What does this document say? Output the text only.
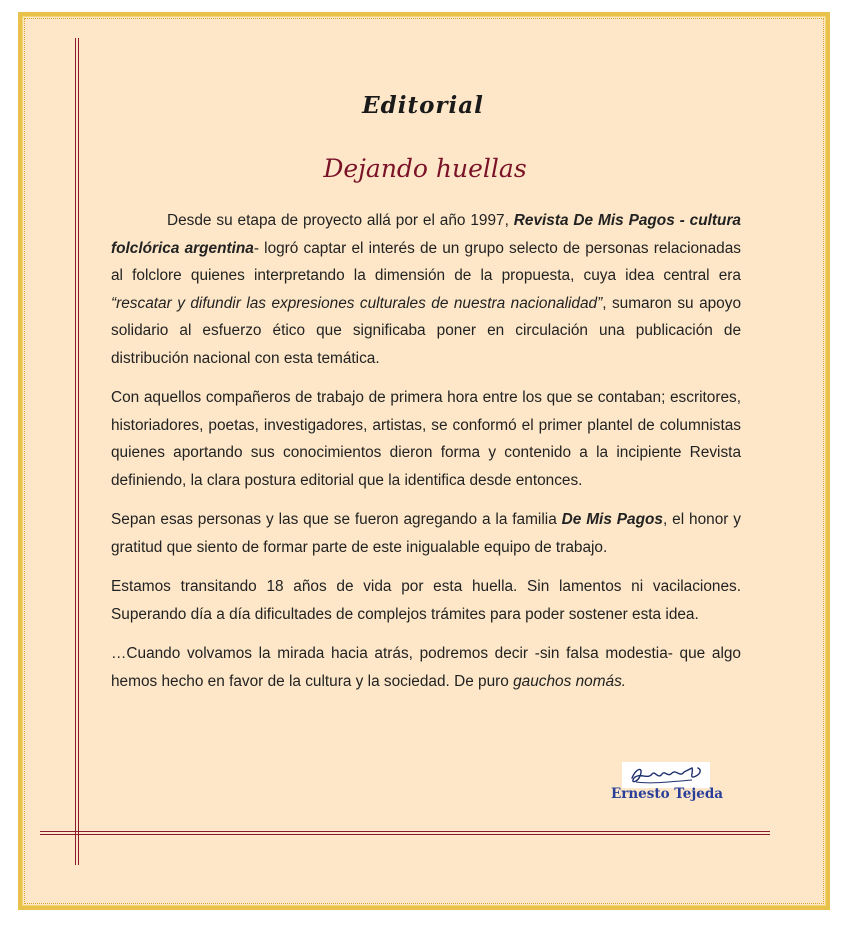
Editorial
Dejando huellas

Desde su etapa de proyecto allá por el año 1997, Revista De Mis Pagos - cultura folclórica argentina- logró captar el interés de un grupo selecto de personas relacionadas al folclore quienes interpretando la dimensión de la propuesta, cuya idea central era “rescatar y difundir las expresiones culturales de nuestra nacionalidad”, sumaron su apoyo solidario al esfuerzo ético que significaba poner en circulación una publicación de distribución nacional con esta temática.

Con aquellos compañeros de trabajo de primera hora entre los que se contaban; escritores, historiadores, poetas, investigadores, artistas, se conformó el primer plantel de columnistas quienes aportando sus conocimientos dieron forma y contenido a la incipiente Revista definiendo, la clara postura editorial que la identifica desde entonces.

Sepan esas personas y las que se fueron agregando a la familia De Mis Pagos, el honor y gratitud que siento de formar parte de este inigualable equipo de trabajo.

Estamos transitando 18 años de vida por esta huella. Sin lamentos ni vacilaciones. Superando día a día dificultades de complejos trámites para poder sostener esta idea.

…Cuando volvamos la mirada hacia atrás, podremos decir -sin falsa modestia- que algo hemos hecho en favor de la cultura y la sociedad. De puro gauchos nomás.

Ernesto Tejeda
